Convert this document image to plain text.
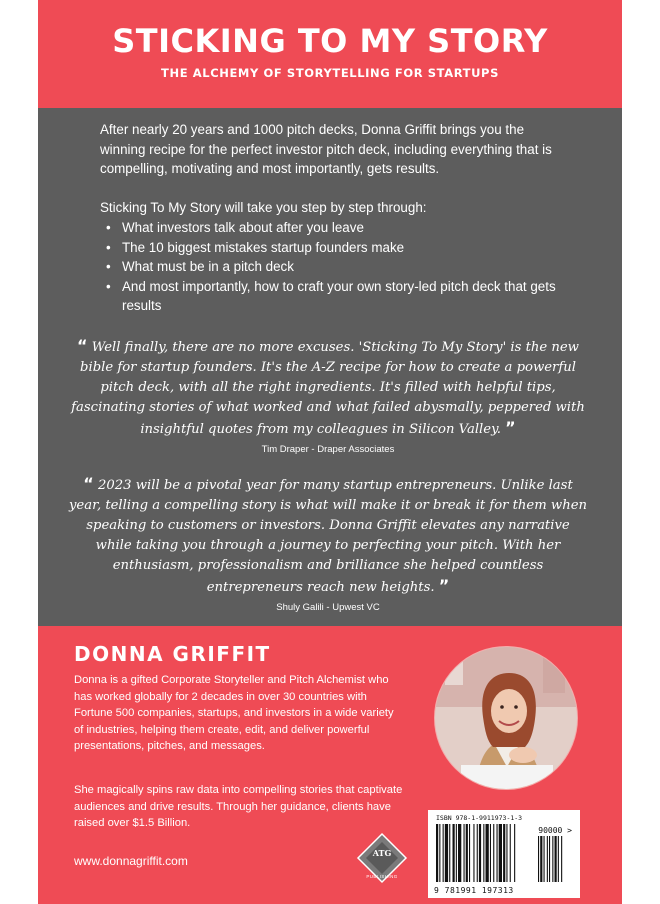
STICKING TO MY STORY
THE ALCHEMY OF STORYTELLING FOR STARTUPS

After nearly 20 years and 1000 pitch decks, Donna Griffit brings you the winning recipe for the perfect investor pitch deck, including everything that is compelling, motivating and most importantly, gets results.

Sticking To My Story will take you step by step through:

• What investors talk about after you leave
• The 10 biggest mistakes startup founders make
• What must be in a pitch deck
• And most importantly, how to craft your own story-led pitch deck that gets results
“ Well finally, there are no more excuses. 'Sticking To My Story' is the new bible for startup founders. It's the A-Z recipe for how to create a powerful pitch deck, with all the right ingredients. It's filled with helpful tips, fascinating stories of what worked and what failed abysmally, peppered with insightful quotes from my colleagues in Silicon Valley. ”
Tim Draper - Draper Associates
“ 2023 will be a pivotal year for many startup entrepreneurs. Unlike last year, telling a compelling story is what will make it or break it for them when speaking to customers or investors. Donna Griffit elevates any narrative while taking you through a journey to perfecting your pitch. With her enthusiasm, professionalism and brilliance she helped countless entrepreneurs reach new heights. ”
Shuly Galili - Upwest VC
DONNA GRIFFIT

Donna is a gifted Corporate Storyteller and Pitch Alchemist who has worked globally for 2 decades in over 30 countries with Fortune 500 companies, startups, and investors in a wide variety of industries, helping them create, edit, and deliver powerful presentations, pitches, and messages.

She magically spins raw data into compelling stories that captivate audiences and drive results. Through her guidance, clients have raised over $1.5 Billion.

www.donnagriffit.com
ATG
PUBLISHING
ISBN 978-1-9911973-1-3
90000 >
9 781991 197313
